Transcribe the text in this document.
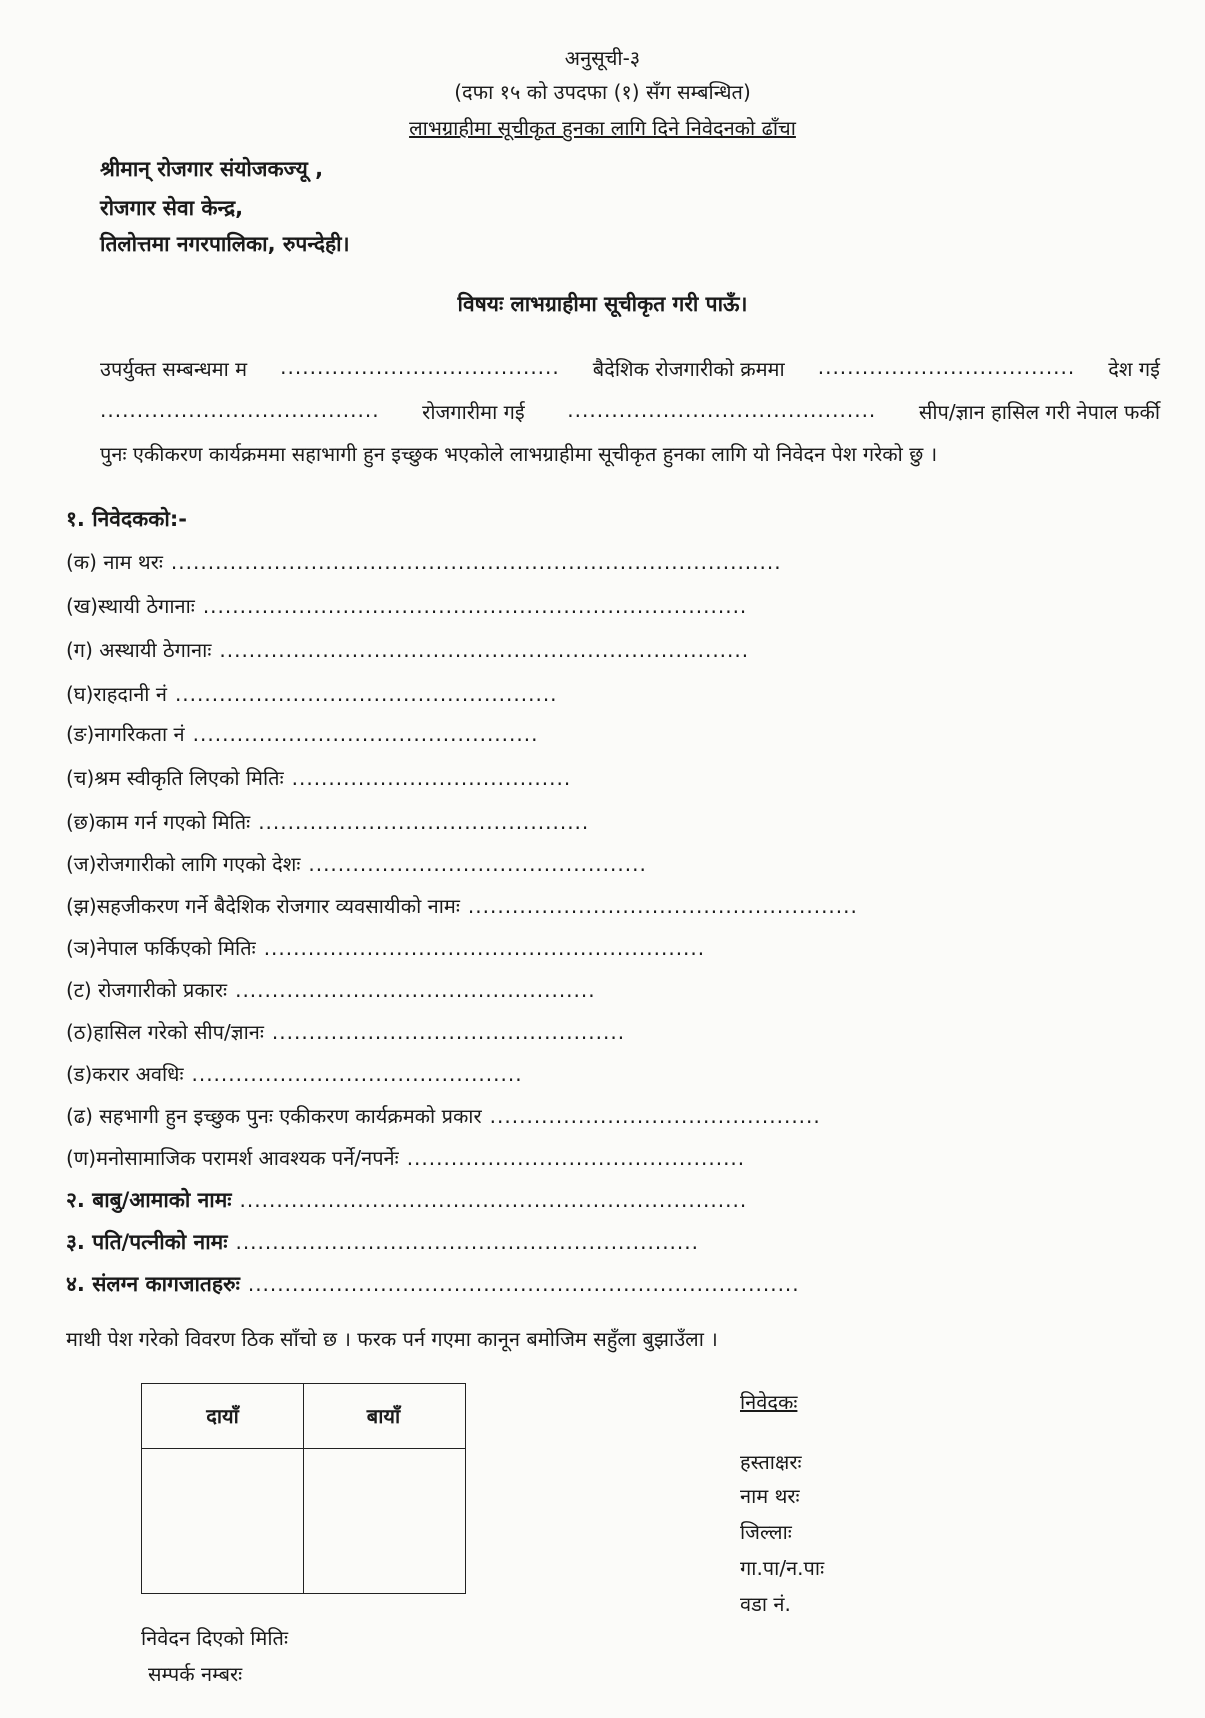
अनुसूची-३
(दफा १५ को उपदफा (१) सँग सम्बन्धित)
लाभग्राहीमा सूचीकृत हुनका लागि दिने निवेदनको ढाँचा
श्रीमान् रोजगार संयोजकज्यू ,
रोजगार सेवा केन्द्र,
तिलोत्तमा नगरपालिका, रुपन्देही।
विषयः लाभग्राहीमा सूचीकृत गरी पाऊँ।
उपर्युक्त सम्बन्धमा म ...................................... बैदेशिक रोजगारीको क्रममा ................................... देश गई
...................................... रोजगारीमा गई .......................................... सीप/ज्ञान हासिल गरी नेपाल फर्की
पुनः एकीकरण कार्यक्रममा सहाभागी हुन इच्छुक भएकोले लाभग्राहीमा सूचीकृत हुनका लागि यो निवेदन पेश गरेको छु ।
१. निवेदकको:-
(क) नाम थरः ...................................................................................
(ख)स्थायी ठेगानाः ..........................................................................
(ग) अस्थायी ठेगानाः ........................................................................
(घ)राहदानी नं ....................................................
(ङ)नागरिकता नं ...............................................
(च)श्रम स्वीकृति लिएको मितिः ......................................
(छ)काम गर्न गएको मितिः .............................................
(ज)रोजगारीको लागि गएको देशः ..............................................
(झ)सहजीकरण गर्ने बैदेशिक रोजगार व्यवसायीको नामः .....................................................
(ञ)नेपाल फर्किएको मितिः ............................................................
(ट) रोजगारीको प्रकारः .................................................
(ठ)हासिल गरेको सीप/ज्ञानः ................................................
(ड)करार अवधिः .............................................
(ढ) सहभागी हुन इच्छुक पुनः एकीकरण कार्यक्रमको प्रकार .............................................
(ण)मनोसामाजिक परामर्श आवश्यक पर्ने/नपर्नेः ..............................................
२. बाबु/आमाको नामः .....................................................................
३. पति/पत्नीको नामः ...............................................................
४. संलग्न कागजातहरुः ...........................................................................
माथी पेश गरेको विवरण ठिक साँचो छ । फरक पर्न गएमा कानून बमोजिम सहुँला बुझाउँला ।
दायाँ	बायाँ
निवेदकः
हस्ताक्षरः
नाम थरः
जिल्लाः
गा.पा/न.पाः
वडा नं.
निवेदन दिएको मितिः
सम्पर्क नम्बरः
